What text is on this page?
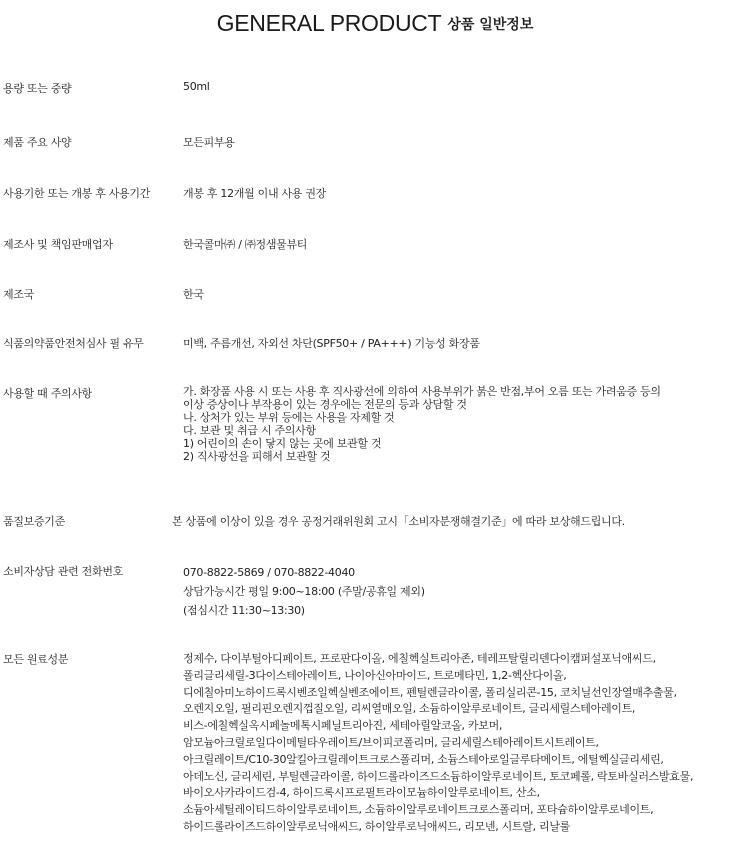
GENERAL PRODUCT 상품 일반정보
용량 또는 중량	50ml
제품 주요 사양	모든피부용
사용기한 또는 개봉 후 사용기간	개봉 후 12개월 이내 사용 권장
제조사 및 책임판매업자	한국콜마㈜ / ㈜정샘물뷰티
제조국	한국
식품의약품안전처심사 필 유무	미백, 주름개선, 자외선 차단(SPF50+ / PA+++) 기능성 화장품
사용할 때 주의사항	가. 화장품 사용 시 또는 사용 후 직사광선에 의하여 사용부위가 붉은 반점,부어 오름 또는 가려움증 등의
이상 증상이나 부작용이 있는 경우에는 전문의 등과 상담할 것
나. 상처가 있는 부위 등에는 사용을 자제할 것
다. 보관 및 취급 시 주의사항
1) 어린이의 손이 닿지 않는 곳에 보관할 것
2) 직사광선을 피해서 보관할 것
품질보증기준	본 상품에 이상이 있을 경우 공정거래위원회 고시「소비자분쟁해결기준」에 따라 보상해드립니다.
소비자상담 관련 전화번호	070-8822-5869 / 070-8822-4040
상담가능시간 평일 9:00~18:00 (주말/공휴일 제외)
(점심시간 11:30~13:30)
모든 원료성분	정제수, 다이부틸아디페이트, 프로판다이올, 에칠헥실트리아존, 테레프탈릴리덴다이캠퍼설포닉애씨드,
폴리글리세릴-3다이스테아레이트, 나이아신아마이드, 트로메타민, 1,2-헥산다이올,
디에칠아미노하이드록시벤조일헥실벤조에이트, 펜틸렌글라이콜, 폴리실리콘-15, 코치닐선인장열매추출물,
오렌지오일, 필리핀오렌지껍질오일, 리씨열매오일, 소듐하이알루로네이트, 글리세릴스테아레이트,
비스-에칠헥실옥시페놀메톡시페닐트리아진, 세테아릴알코올, 카보머,
암모늄아크릴로일다이메틸타우레이트/브이피코폴리머, 글리세릴스테아레이트시트레이트,
아크릴레이트/C10-30알킬아크릴레이트크로스폴리머, 소듐스테아로일글루타메이트, 에틸헥실글리세린,
아데노신, 글리세린, 부틸렌글라이콜, 하이드롤라이즈드소듐하이알루로네이트, 토코페롤, 락토바실러스발효물,
바이오사카라이드검-4, 하이드록시프로필트라이모늄하이알루로네이트, 산소,
소듐아세틸레이티드하이알루로네이트, 소듐하이알루로네이트크로스폴리머, 포타슘하이알루로네이트,
하이드롤라이즈드하이알루로닉애씨드, 하이알루로닉애씨드, 리모넨, 시트랄, 리날룰
